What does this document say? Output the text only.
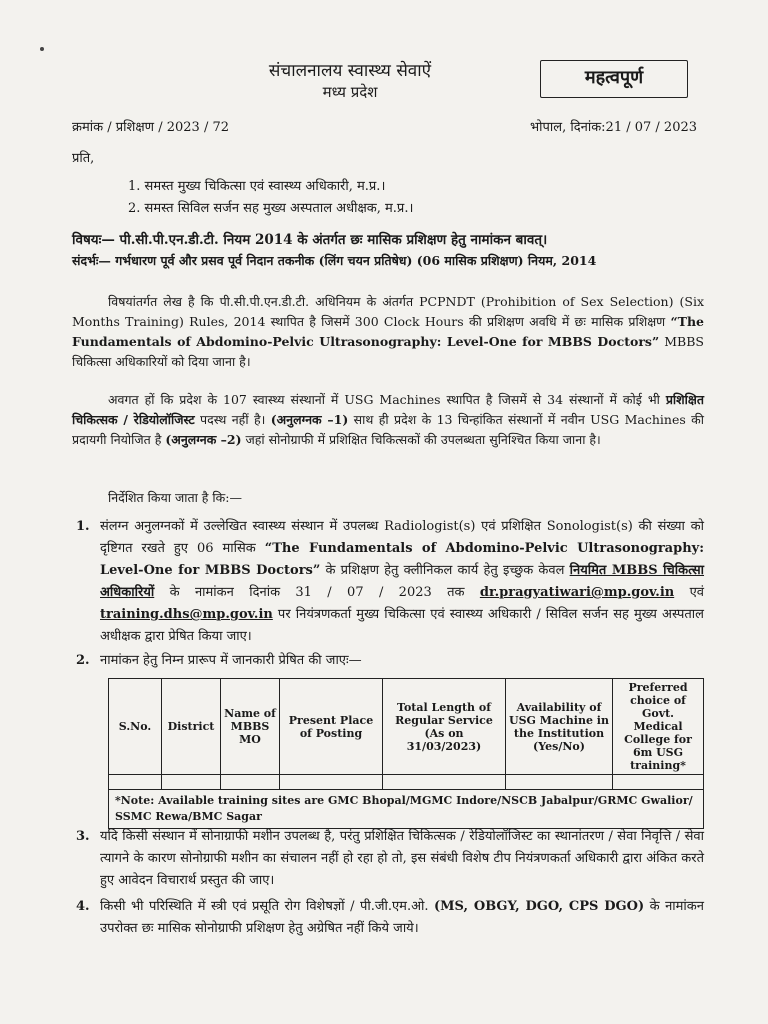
संचालनालय स्वास्थ्य सेवाऐं
मध्य प्रदेश
महत्वपूर्ण
क्रमांक / प्रशिक्षण / 2023 / 72	भोपाल, दिनांक:21 / 07 / 2023
प्रति,
1. समस्त मुख्य चिकित्सा एवं स्वास्थ्य अधिकारी, म.प्र.।
2. समस्त सिविल सर्जन सह मुख्य अस्पताल अधीक्षक, म.प्र.।
विषयः— पी.सी.पी.एन.डी.टी. नियम 2014 के अंतर्गत छः मासिक प्रशिक्षण हेतु नामांकन बावत्।
संदर्भः— गर्भधारण पूर्व और प्रसव पूर्व निदान तकनीक (लिंग चयन प्रतिषेध) (06 मासिक प्रशिक्षण) नियम, 2014
विषयांतर्गत लेख है कि पी.सी.पी.एन.डी.टी. अधिनियम के अंतर्गत PCPNDT (Prohibition of Sex Selection) (Six Months Training) Rules, 2014 स्थापित है जिसमें 300 Clock Hours की प्रशिक्षण अवधि में छः मासिक प्रशिक्षण “The Fundamentals of Abdomino-Pelvic Ultrasonography: Level-One for MBBS Doctors” MBBS चिकित्सा अधिकारियों को दिया जाना है।
अवगत हों कि प्रदेश के 107 स्वास्थ्य संस्थानों में USG Machines स्थापित है जिसमें से 34 संस्थानों में कोई भी प्रशिक्षित चिकित्सक / रेडियोलॉजिस्ट पदस्थ नहीं है। (अनुलग्नक –1) साथ ही प्रदेश के 13 चिन्हांकित संस्थानों में नवीन USG Machines की प्रदायगी नियोजित है (अनुलग्नक –2) जहां सोनोग्राफी में प्रशिक्षित चिकित्सकों की उपलब्धता सुनिश्चित किया जाना है।
निर्देशित किया जाता है कि:—
1. संलग्न अनुलग्नकों में उल्लेखित स्वास्थ्य संस्थान में उपलब्ध Radiologist(s) एवं प्रशिक्षित Sonologist(s) की संख्या को दृष्टिगत रखते हुए 06 मासिक “The Fundamentals of Abdomino-Pelvic Ultrasonography: Level-One for MBBS Doctors” के प्रशिक्षण हेतु क्लीनिकल कार्य हेतु इच्छुक केवल नियमित MBBS चिकित्सा अधिकारियों के नामांकन दिनांक 31 / 07 / 2023 तक dr.pragyatiwari@mp.gov.in एवं training.dhs@mp.gov.in पर नियंत्रणकर्ता मुख्य चिकित्सा एवं स्वास्थ्य अधिकारी / सिविल सर्जन सह मुख्य अस्पताल अधीक्षक द्वारा प्रेषित किया जाए।
2. नामांकन हेतु निम्न प्रारूप में जानकारी प्रेषित की जाएः—
S.No.	District	Name of MBBS MO	Present Place of Posting	Total Length of Regular Service (As on 31/03/2023)	Availability of USG Machine in the Institution (Yes/No)	Preferred choice of Govt. Medical College for 6m USG training*

*Note: Available training sites are GMC Bhopal/MGMC Indore/NSCB Jabalpur/GRMC Gwalior/ SSMC Rewa/BMC Sagar						
3. यदि किसी संस्थान में सोनाग्राफी मशीन उपलब्ध है, परंतु प्रशिक्षित चिकित्सक / रेडियोलॉजिस्ट का स्थानांतरण / सेवा निवृत्ति / सेवा त्यागने के कारण सोनोग्राफी मशीन का संचालन नहीं हो रहा हो तो, इस संबंधी विशेष टीप नियंत्रणकर्ता अधिकारी द्वारा अंकित करते हुए आवेदन विचारार्थ प्रस्तुत की जाए।
4. किसी भी परिस्थिति में स्त्री एवं प्रसूति रोग विशेषज्ञों / पी.जी.एम.ओ. (MS, OBGY, DGO, CPS DGO) के नामांकन उपरोक्त छः मासिक सोनोग्राफी प्रशिक्षण हेतु अग्रेषित नहीं किये जाये।
